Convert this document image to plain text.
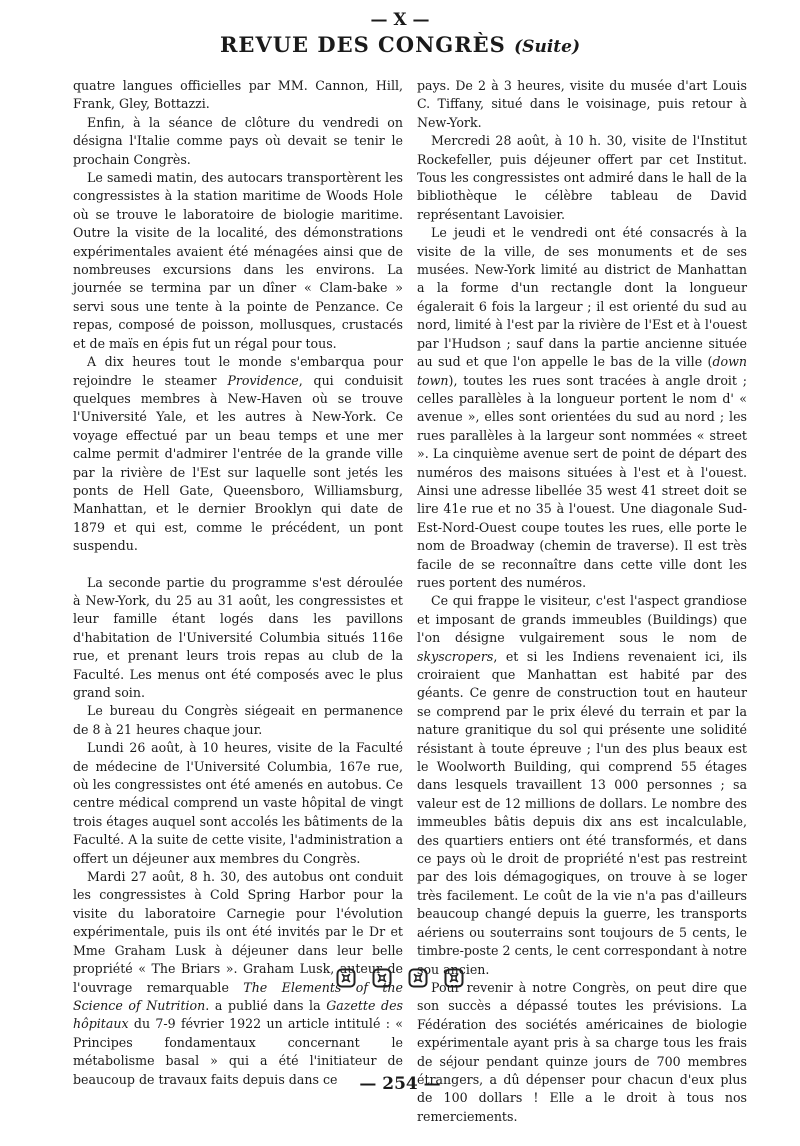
— X —
REVUE DES CONGRÈS (Suite)

quatre langues officielles par MM. Cannon, Hill, Frank, Gley, Bottazzi.

Enfin, à la séance de clôture du vendredi on désigna l'Italie comme pays où devait se tenir le prochain Congrès.

Le samedi matin, des autocars transportèrent les congressistes à la station maritime de Woods Hole où se trouve le laboratoire de biologie maritime. Outre la visite de la localité, des démonstrations expérimentales avaient été ménagées ainsi que de nombreuses excursions dans les environs. La journée se termina par un dîner « Clam-bake » servi sous une tente à la pointe de Penzance. Ce repas, composé de poisson, mollusques, crustacés et de maïs en épis fut un régal pour tous.

A dix heures tout le monde s'embarqua pour rejoindre le steamer Providence, qui conduisit quelques membres à New-Haven où se trouve l'Université Yale, et les autres à New-York. Ce voyage effectué par un beau temps et une mer calme permit d'admirer l'entrée de la grande ville par la rivière de l'Est sur laquelle sont jetés les ponts de Hell Gate, Queensboro, Williamsburg, Manhattan, et le dernier Brooklyn qui date de 1879 et qui est, comme le précédent, un pont suspendu.

La seconde partie du programme s'est déroulée à New-York, du 25 au 31 août, les congressistes et leur famille étant logés dans les pavillons d'habitation de l'Université Columbia situés 116e rue, et prenant leurs trois repas au club de la Faculté. Les menus ont été composés avec le plus grand soin.

Le bureau du Congrès siégeait en permanence de 8 à 21 heures chaque jour.

Lundi 26 août, à 10 heures, visite de la Faculté de médecine de l'Université Columbia, 167e rue, où les congressistes ont été amenés en autobus. Ce centre médical comprend un vaste hôpital de vingt trois étages auquel sont accolés les bâtiments de la Faculté. A la suite de cette visite, l'administration a offert un déjeuner aux membres du Congrès.

Mardi 27 août, 8 h. 30, des autobus ont conduit les congressistes à Cold Spring Harbor pour la visite du laboratoire Carnegie pour l'évolution expérimentale, puis ils ont été invités par le Dr et Mme Graham Lusk à déjeuner dans leur belle propriété « The Briars ». Graham Lusk, auteur de l'ouvrage remarquable The Elements of the Science of Nutrition. a publié dans la Gazette des hôpitaux du 7-9 février 1922 un article intitulé : « Principes fondamentaux concernant le métabolisme basal » qui a été l'initiateur de beaucoup de travaux faits depuis dans ce

pays. De 2 à 3 heures, visite du musée d'art Louis C. Tiffany, situé dans le voisinage, puis retour à New-York.

Mercredi 28 août, à 10 h. 30, visite de l'Institut Rockefeller, puis déjeuner offert par cet Institut. Tous les congressistes ont admiré dans le hall de la bibliothèque le célèbre tableau de David représentant Lavoisier.

Le jeudi et le vendredi ont été consacrés à la visite de la ville, de ses monuments et de ses musées. New-York limité au district de Manhattan a la forme d'un rectangle dont la longueur égalerait 6 fois la largeur ; il est orienté du sud au nord, limité à l'est par la rivière de l'Est et à l'ouest par l'Hudson ; sauf dans la partie ancienne située au sud et que l'on appelle le bas de la ville (down town), toutes les rues sont tracées à angle droit ; celles parallèles à la longueur portent le nom d' « avenue », elles sont orientées du sud au nord ; les rues parallèles à la largeur sont nommées « street ». La cinquième avenue sert de point de départ des numéros des maisons situées à l'est et à l'ouest. Ainsi une adresse libellée 35 west 41 street doit se lire 41e rue et no 35 à l'ouest. Une diagonale Sud-Est-Nord-Ouest coupe toutes les rues, elle porte le nom de Broadway (chemin de traverse). Il est très facile de se reconnaître dans cette ville dont les rues portent des numéros.

Ce qui frappe le visiteur, c'est l'aspect grandiose et imposant de grands immeubles (Buildings) que l'on désigne vulgairement sous le nom de skyscropers, et si les Indiens revenaient ici, ils croiraient que Manhattan est habité par des géants. Ce genre de construction tout en hauteur se comprend par le prix élevé du terrain et par la nature granitique du sol qui présente une solidité résistant à toute épreuve ; l'un des plus beaux est le Woolworth Building, qui comprend 55 étages dans lesquels travaillent 13 000 personnes ; sa valeur est de 12 millions de dollars. Le nombre des immeubles bâtis depuis dix ans est incalculable, des quartiers entiers ont été transformés, et dans ce pays où le droit de propriété n'est pas restreint par des lois démagogiques, on trouve à se loger très facilement. Le coût de la vie n'a pas d'ailleurs beaucoup changé depuis la guerre, les transports aériens ou souterrains sont toujours de 5 cents, le timbre-poste 2 cents, le cent correspondant à notre sou ancien.

Pour revenir à notre Congrès, on peut dire que son succès a dépassé toutes les prévisions. La Fédération des sociétés américaines de biologie expérimentale ayant pris à sa charge tous les frais de séjour pendant quinze jours de 700 membres étrangers, a dû dépenser pour chacun d'eux plus de 100 dollars ! Elle a le droit à tous nos remerciements.

— 254 —
